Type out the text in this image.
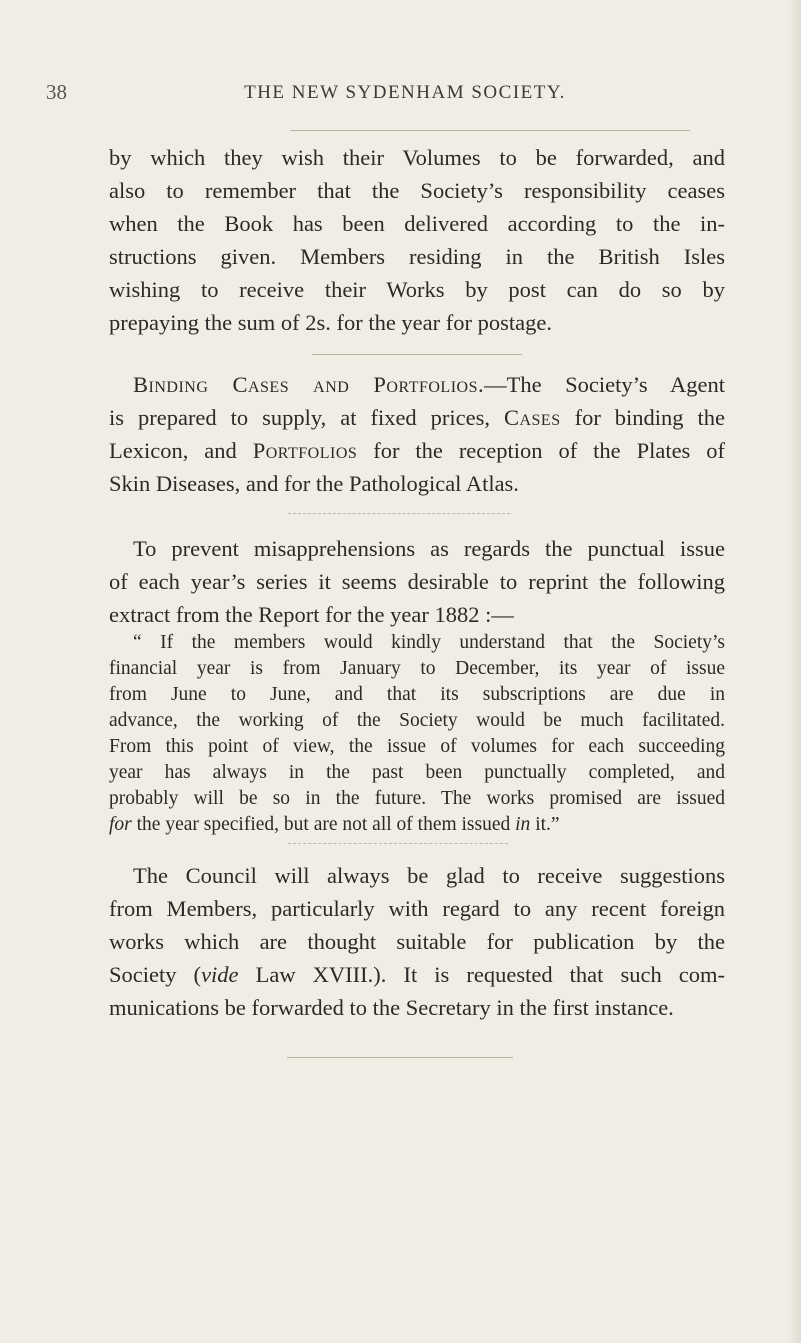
38	THE NEW SYDENHAM SOCIETY.

by which they wish their Volumes to be forwarded, and
also to remember that the Society’s responsibility ceases
when the Book has been delivered according to the in-
structions given. Members residing in the British Isles
wishing to receive their Works by post can do so by
prepaying the sum of 2s. for the year for postage.

Binding Cases and Portfolios.—The Society’s Agent
is prepared to supply, at fixed prices, Cases for binding the
Lexicon, and Portfolios for the reception of the Plates of
Skin Diseases, and for the Pathological Atlas.

To prevent misapprehensions as regards the punctual issue
of each year’s series it seems desirable to reprint the following
extract from the Report for the year 1882 :—

“ If the members would kindly understand that the Society’s
financial year is from January to December, its year of issue
from June to June, and that its subscriptions are due in
advance, the working of the Society would be much facilitated.
From this point of view, the issue of volumes for each succeeding
year has always in the past been punctually completed, and
probably will be so in the future. The works promised are issued
for the year specified, but are not all of them issued in it.”

The Council will always be glad to receive suggestions
from Members, particularly with regard to any recent foreign
works which are thought suitable for publication by the
Society (vide Law XVIII.). It is requested that such com-
munications be forwarded to the Secretary in the first instance.
